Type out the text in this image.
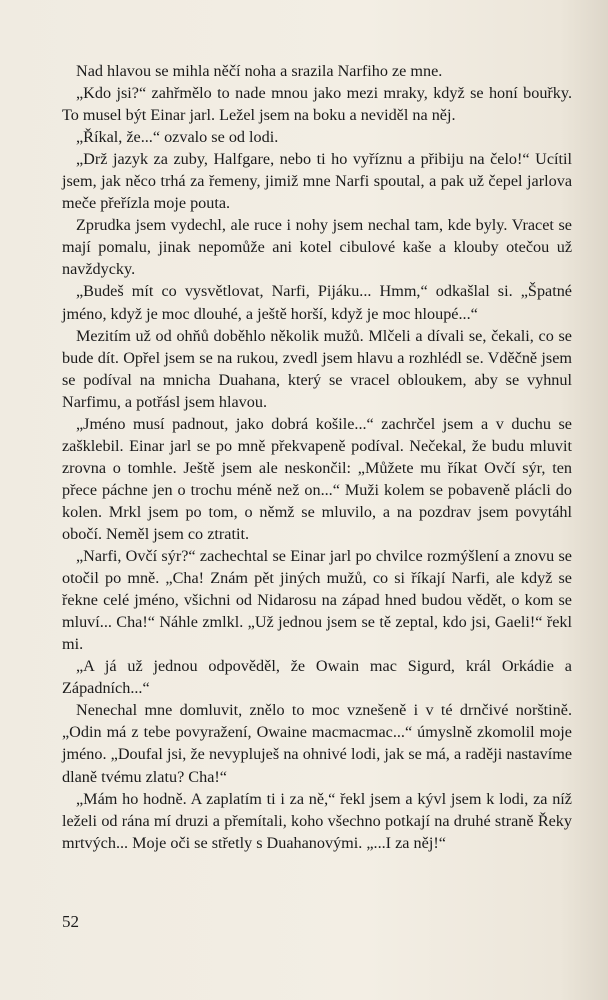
Nad hlavou se mihla něčí noha a srazila Narfiho ze mne.

„Kdo jsi?“ zahřmělo to nade mnou jako mezi mraky, když se honí bouřky. To musel být Einar jarl. Ležel jsem na boku a neviděl na něj.

„Říkal, že...“ ozvalo se od lodi.

„Drž jazyk za zuby, Halfgare, nebo ti ho vyříznu a přibiju na čelo!“ Ucítil jsem, jak něco trhá za řemeny, jimiž mne Narfi spoutal, a pak už čepel jarlova meče přeřízla moje pouta.

Zprudka jsem vydechl, ale ruce i nohy jsem nechal tam, kde byly. Vracet se mají pomalu, jinak nepomůže ani kotel cibulové kaše a klouby otečou už navždycky.

„Budeš mít co vysvětlovat, Narfi, Pijáku... Hmm,“ odkašlal si. „Špatné jméno, když je moc dlouhé, a ještě horší, když je moc hloupé...“

Mezitím už od ohňů doběhlo několik mužů. Mlčeli a dívali se, čekali, co se bude dít. Opřel jsem se na rukou, zvedl jsem hlavu a rozhlédl se. Vděčně jsem se podíval na mnicha Duahana, který se vracel obloukem, aby se vyhnul Narfimu, a potřásl jsem hlavou.

„Jméno musí padnout, jako dobrá košile...“ zachrčel jsem a v duchu se zašklebil. Einar jarl se po mně překvapeně podíval. Nečekal, že budu mluvit zrovna o tomhle. Ještě jsem ale neskončil: „Můžete mu říkat Ovčí sýr, ten přece páchne jen o trochu méně než on...“ Muži kolem se pobaveně pláclі do kolen. Mrkl jsem po tom, o němž se mluvilo, a na pozdrav jsem povytáhl obočí. Neměl jsem co ztratit.

„Narfi, Ovčí sýr?“ zachechtal se Einar jarl po chvilce rozmýšlení a znovu se otočil po mně. „Cha! Znám pět jiných mužů, co si říkají Narfi, ale když se řekne celé jméno, všichni od Nidarosu na západ hned budou vědět, o kom se mluví... Cha!“ Náhle zmlkl. „Už jednou jsem se tě zeptal, kdo jsi, Gaeli!“ řekl mi.

„A já už jednou odpověděl, že Owain mac Sigurd, král Orkádie a Západních...“

Nenechal mne domluvit, znělo to moc vznešeně i v té drnčivé norštině. „Odin má z tebe povyražení, Owaine macmacmac...“ úmyslně zkomolil moje jméno. „Doufal jsi, že nevypluješ na ohnivé lodi, jak se má, a raději nastavíme dlaně tvému zlatu? Cha!“

„Mám ho hodně. A zaplatím ti i za ně,“ řekl jsem a kývl jsem k lodi, za níž leželi od rána mí druzi a přemítali, koho všechno potkají na druhé straně Řeky mrtvých... Moje oči se střetly s Duahanovými. „...I za něj!“

52
